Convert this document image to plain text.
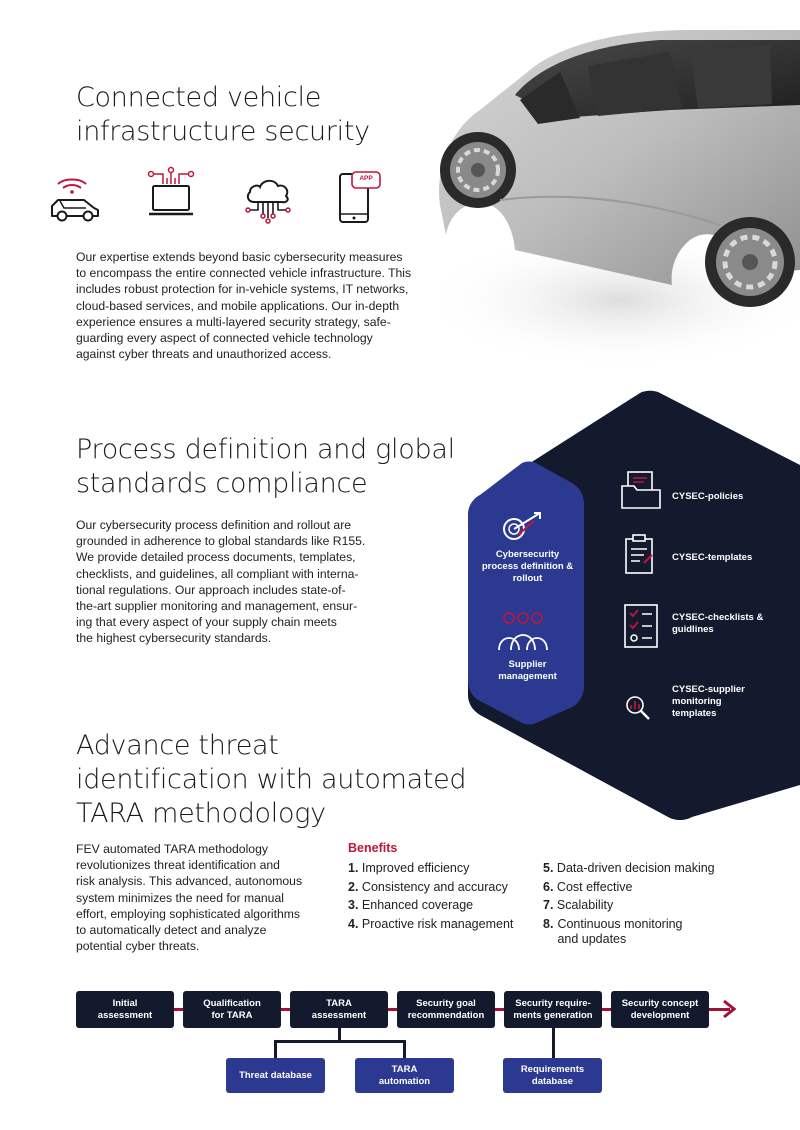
Connected vehicle
infrastructure security
APP
Our expertise extends beyond basic cybersecurity measures
to encompass the entire connected vehicle infrastructure. This
includes robust protection for in-vehicle systems, IT networks,
cloud-based services, and mobile applications. Our in-depth
experience ensures a multi-layered security strategy, safe-
guarding every aspect of connected vehicle technology
against cyber threats and unauthorized access.
Process definition and global
standards compliance
Our cybersecurity process definition and rollout are
grounded in adherence to global standards like R155.
We provide detailed process documents, templates,
checklists, and guidelines, all compliant with interna-
tional regulations. Our approach includes state-of-
the-art supplier monitoring and management, ensur-
ing that every aspect of your supply chain meets
the highest cybersecurity standards.
Cybersecurity
process definition &
rollout
Supplier
management
CYSEC-policies
CYSEC-templates
CYSEC-checklists &
guidlines
CYSEC-supplier
monitoring
templates
Advance threat
identification with automated
TARA methodology
FEV automated TARA methodology
revolutionizes threat identification and
risk analysis. This advanced, autonomous
system minimizes the need for manual
effort, employing sophisticated algorithms
to automatically detect and analyze
potential cyber threats.
Benefits
1. Improved efficiency
2. Consistency and accuracy
3. Enhanced coverage
4. Proactive risk management
5. Data-driven decision making
6. Cost effective
7. Scalability
8. Continuous monitoring
and updates
Initial
assessment
Qualification
for TARA
TARA
assessment
Security goal
recommendation
Security require-
ments generation
Security concept
development
Threat database
TARA
automation
Requirements
database
